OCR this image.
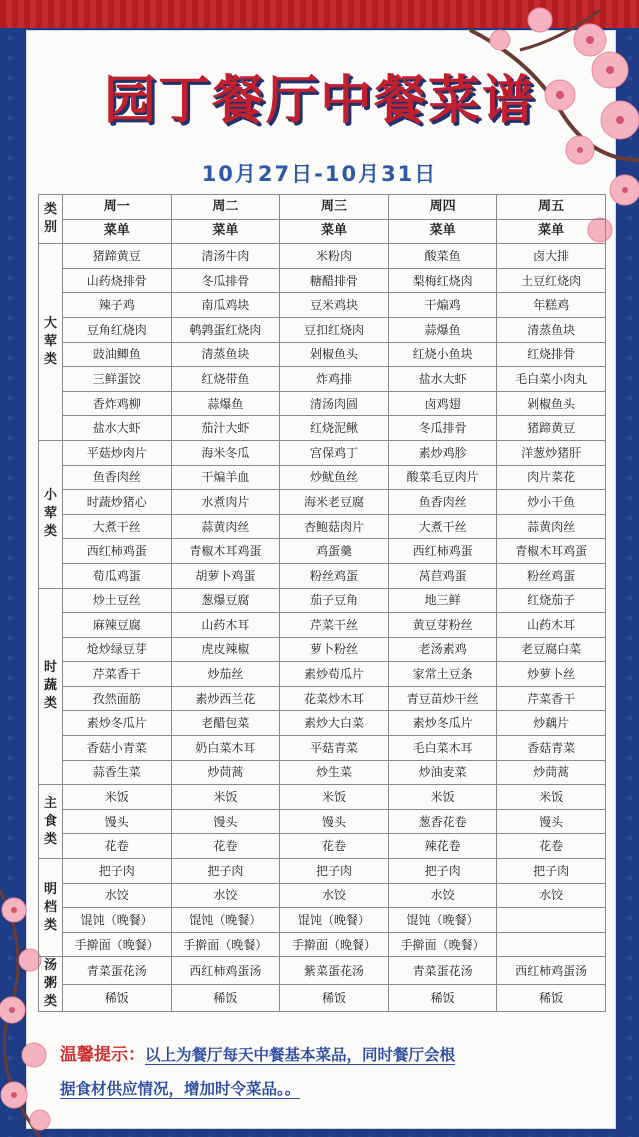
园丁餐厅中餐菜谱
10月27日-10月31日
类
别	周一	周二	周三	周四	周五
	菜单	菜单	菜单	菜单	菜单
大
荤
类	猪蹄黄豆	清汤牛肉	米粉肉	酸菜鱼	卤大排
	山药烧排骨	冬瓜排骨	糖醋排骨	梨梅红烧肉	土豆红烧肉
	辣子鸡	南瓜鸡块	豆米鸡块	干煸鸡	年糕鸡
	豆角红烧肉	鹌鹑蛋红烧肉	豆扣红烧肉	蒜爆鱼	清蒸鱼块
	豉油鲫鱼	清蒸鱼块	剁椒鱼头	红烧小鱼块	红烧排骨
	三鲜蛋饺	红烧带鱼	炸鸡排	盐水大虾	毛白菜小肉丸
	香炸鸡柳	蒜爆鱼	清汤肉圆	卤鸡翅	剁椒鱼头
	盐水大虾	茄汁大虾	红烧泥鳅	冬瓜排骨	猪蹄黄豆
小
荤
类	平菇炒肉片	海米冬瓜	宫保鸡丁	素炒鸡胗	洋葱炒猪肝
	鱼香肉丝	干煸羊血	炒鱿鱼丝	酸菜毛豆肉片	肉片菜花
	时蔬炒猪心	水煮肉片	海米老豆腐	鱼香肉丝	炒小干鱼
	大煮干丝	蒜黄肉丝	杏鲍菇肉片	大煮干丝	蒜黄肉丝
	西红柿鸡蛋	青椒木耳鸡蛋	鸡蛋羹	西红柿鸡蛋	青椒木耳鸡蛋
	荀瓜鸡蛋	胡萝卜鸡蛋	粉丝鸡蛋	莴苣鸡蛋	粉丝鸡蛋
时
蔬
类	炒土豆丝	葱爆豆腐	茄子豆角	地三鲜	红烧茄子
	麻辣豆腐	山药木耳	芹菜干丝	黄豆芽粉丝	山药木耳
	炝炒绿豆芽	虎皮辣椒	萝卜粉丝	老汤素鸡	老豆腐白菜
	芹菜香干	炒茄丝	素炒荀瓜片	家常土豆条	炒萝卜丝
	孜然面筋	素炒西兰花	花菜炒木耳	青豆苗炒干丝	芹菜香干
	素炒冬瓜片	老醋包菜	素炒大白菜	素炒冬瓜片	炒藕片
	香菇小青菜	奶白菜木耳	平菇青菜	毛白菜木耳	香菇青菜
	蒜香生菜	炒茼蒿	炒生菜	炒油麦菜	炒茼蒿
主
食
类	米饭	米饭	米饭	米饭	米饭
	馒头	馒头	馒头	葱香花卷	馒头
	花卷	花卷	花卷	辣花卷	花卷
明
档
类	把子肉	把子肉	把子肉	把子肉	把子肉
	水饺	水饺	水饺	水饺	水饺
	馄饨（晚餐）	馄饨（晚餐）	馄饨（晚餐）	馄饨（晚餐）	
	手擀面（晚餐）	手擀面（晚餐）	手擀面（晚餐）	手擀面（晚餐）	
汤
粥
类	青菜蛋花汤	西红柿鸡蛋汤	紫菜蛋花汤	青菜蛋花汤	西红柿鸡蛋汤
	稀饭	稀饭	稀饭	稀饭	稀饭
温馨提示：以上为餐厅每天中餐基本菜品，同时餐厅会根
据食材供应情况，增加时令菜品。。
